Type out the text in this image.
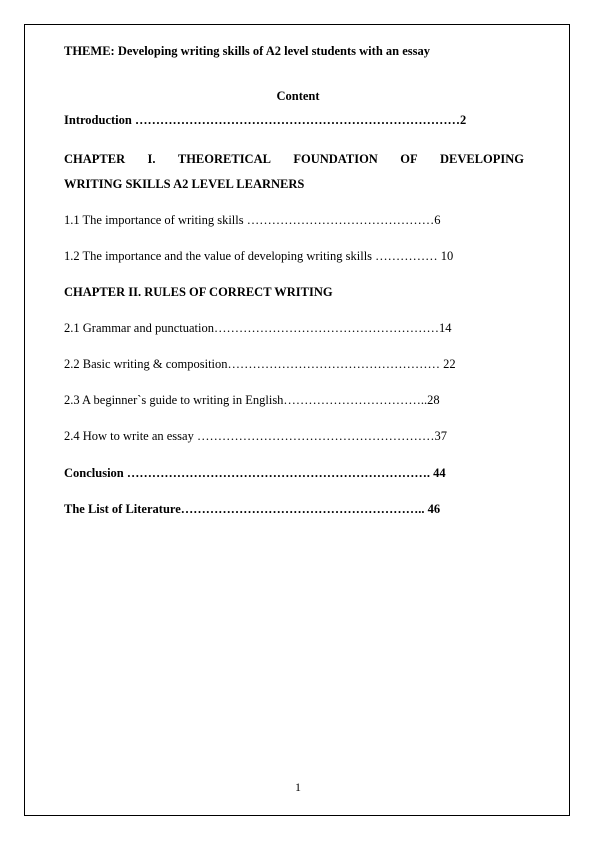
THEME: Developing writing skills of A2 level students with an essay
Content
Introduction ……………………………………………………………………2
CHAPTER I. THEORETICAL FOUNDATION OF DEVELOPING
WRITING SKILLS A2 LEVEL LEARNERS
1.1 The importance of writing skills ………………………………………6
1.2 The importance and the value of developing writing skills …………… 10
CHAPTER II. RULES OF CORRECT WRITING
2.1 Grammar and punctuation………………………………………………14
2.2 Basic writing & composition…………………………………………… 22
2.3 A beginner`s guide to writing in English……………………………..28
2.4 How to write an essay …………………………………………………37
Conclusion ………………………………………………………………. 44
The List of Literature………………………………………………….. 46
1
